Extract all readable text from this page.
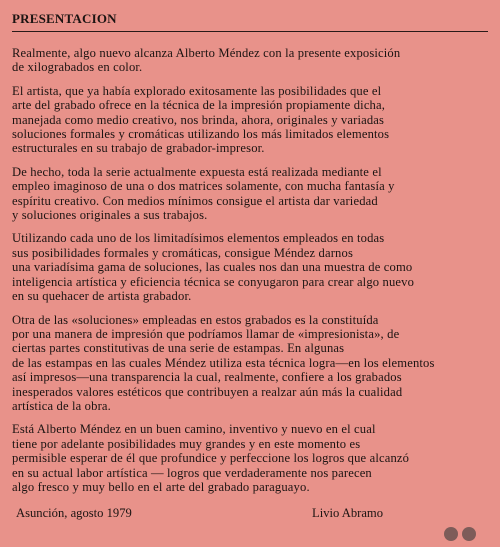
PRESENTACION

Realmente, algo nuevo alcanza Alberto Méndez con la presente exposición
de xilograbados en color.

El artista, que ya había explorado exitosamente las posibilidades que el
arte del grabado ofrece en la técnica de la impresión propiamente dicha,
manejada como medio creativo, nos brinda, ahora, originales y variadas
soluciones formales y cromáticas utilizando los más limitados elementos
estructurales en su trabajo de grabador-impresor.

De hecho, toda la serie actualmente expuesta está realizada mediante el
empleo imaginoso de una o dos matrices solamente, con mucha fantasía y
espíritu creativo. Con medios mínimos consigue el artista dar variedad
y soluciones originales a sus trabajos.

Utilizando cada uno de los limitadísimos elementos empleados en todas
sus posibilidades formales y cromáticas, consigue Méndez darnos
una variadísima gama de soluciones, las cuales nos dan una muestra de como
inteligencia artística y eficiencia técnica se conyugaron para crear algo nuevo
en su quehacer de artista grabador.

Otra de las «soluciones» empleadas en estos grabados es la constituída
por una manera de impresión que podríamos llamar de «impresionista», de
ciertas partes constitutivas de una serie de estampas. En algunas
de las estampas en las cuales Méndez utiliza esta técnica logra—en los elementos
así impresos—una transparencia la cual, realmente, confiere a los grabados
inesperados valores estéticos que contribuyen a realzar aún más la cualidad
artística de la obra.

Está Alberto Méndez en un buen camino, inventivo y nuevo en el cual
tiene por adelante posibilidades muy grandes y en este momento es
permisible esperar de él que profundice y perfeccione los logros que alcanzó
en su actual labor artística — logros que verdaderamente nos parecen
algo fresco y muy bello en el arte del grabado paraguayo.

Asunción, agosto 1979	Livio Abramo
